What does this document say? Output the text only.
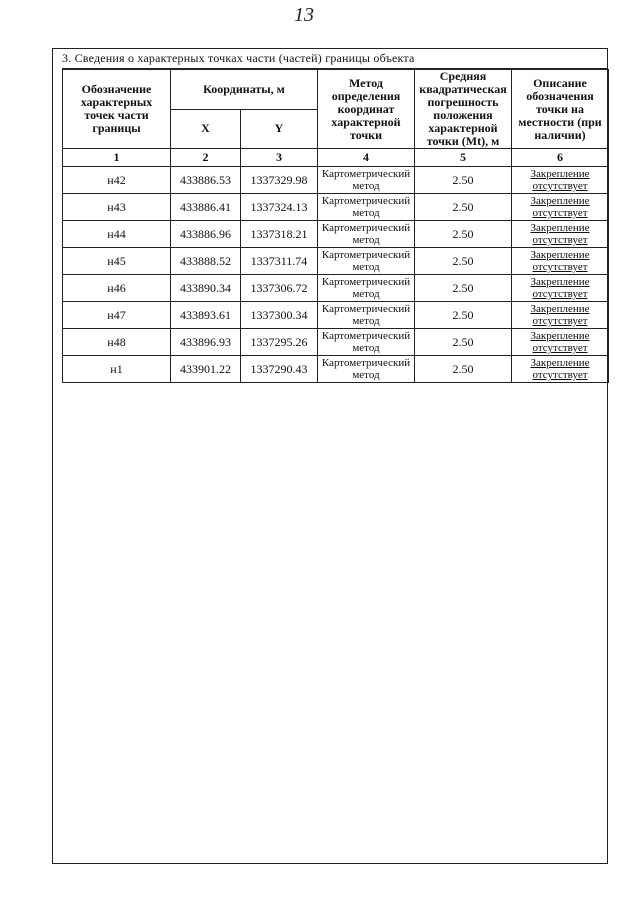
13
3. Сведения о характерных точках части (частей) границы объекта
Обозначение характерных точек части границы	Координаты, м		Метод определения координат характерной точки	Средняя квадратическая погрешность положения характерной точки (Mt), м	Описание обозначения точки на местности (при наличии)
	X	Y			
1	2	3	4	5	6
н42	433886.53	1337329.98	Картометрический метод	2.50	Закрепление отсутствует
н43	433886.41	1337324.13	Картометрический метод	2.50	Закрепление отсутствует
н44	433886.96	1337318.21	Картометрический метод	2.50	Закрепление отсутствует
н45	433888.52	1337311.74	Картометрический метод	2.50	Закрепление отсутствует
н46	433890.34	1337306.72	Картометрический метод	2.50	Закрепление отсутствует
н47	433893.61	1337300.34	Картометрический метод	2.50	Закрепление отсутствует
н48	433896.93	1337295.26	Картометрический метод	2.50	Закрепление отсутствует
н1	433901.22	1337290.43	Картометрический метод	2.50	Закрепление отсутствует
